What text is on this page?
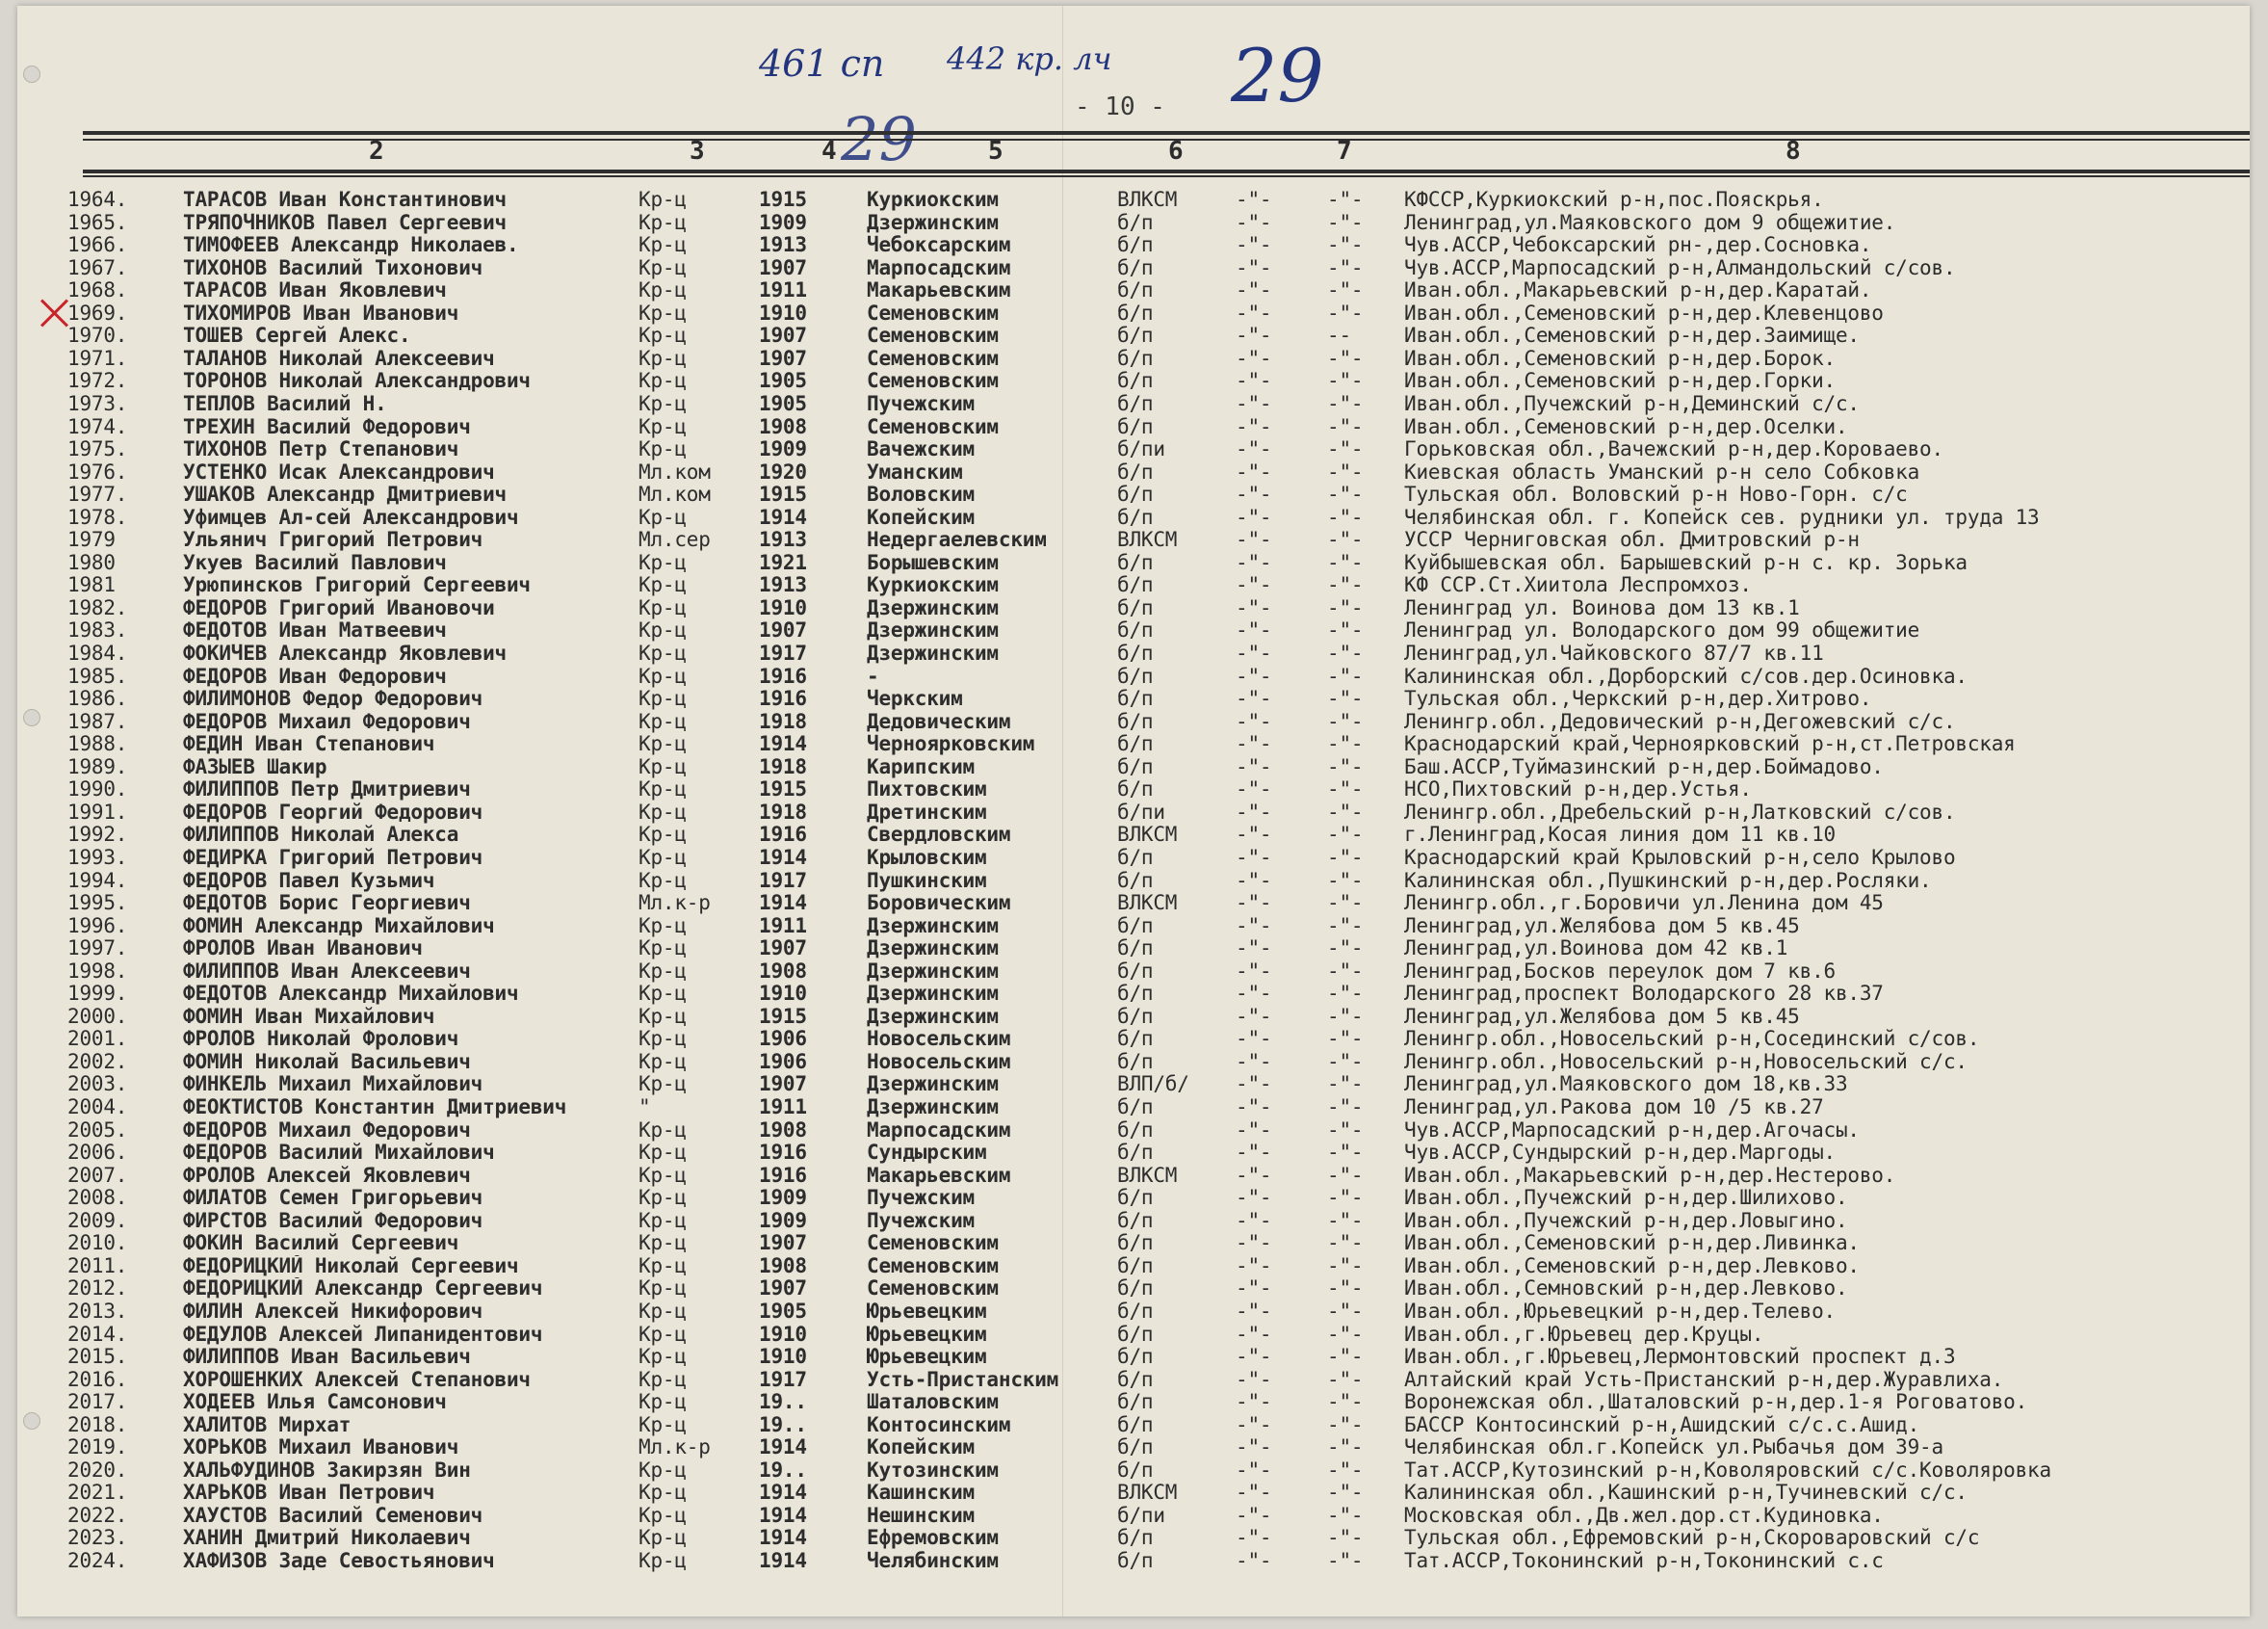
461 сп 442 кр. лч 29
29	- 10 -
2	3	4	5	6	7	8
1964.	ТАРАСОВ Иван Константинович	Кр-ц	1915	Куркиокским	ВЛКСМ	-"-	-"-	КФССР,Куркиокский р-н,пос.Пояскрья.
1965.	ТРЯПОЧНИКОВ Павел Сергеевич	Кр-ц	1909	Дзержинским	б/п	-"-	-"-	Ленинград,ул.Маяковского дом 9 общежитие.
1966.	ТИМОФЕЕВ Александр Николаев.	Кр-ц	1913	Чебоксарским	б/п	-"-	-"-	Чув.АССР,Чебоксарский рн-,дер.Сосновка.
1967.	ТИХОНОВ Василий Тихонович	Кр-ц	1907	Марпосадским	б/п	-"-	-"-	Чув.АССР,Марпосадский р-н,Алмандольский с/сов.
1968.	ТАРАСОВ Иван Яковлевич	Кр-ц	1911	Макарьевским	б/п	-"-	-"-	Иван.обл.,Макарьевский р-н,дер.Каратай.
1969.	ТИХОМИРОВ Иван Иванович	Кр-ц	1910	Семеновским	б/п	-"-	-"-	Иван.обл.,Семеновский р-н,дер.Клевенцово
1970.	ТОШЕВ Сергей Алекс.	Кр-ц	1907	Семеновским	б/п	-"-	--	Иван.обл.,Семеновский р-н,дер.Заимище.
1971.	ТАЛАНОВ Николай Алексеевич	Кр-ц	1907	Семеновским	б/п	-"-	-"-	Иван.обл.,Семеновский р-н,дер.Борок.
1972.	ТОРОНОВ Николай Александрович	Кр-ц	1905	Семеновским	б/п	-"-	-"-	Иван.обл.,Семеновский р-н,дер.Горки.
1973.	ТЕПЛОВ Василий Н.	Кр-ц	1905	Пучежским	б/п	-"-	-"-	Иван.обл.,Пучежский р-н,Деминский с/с.
1974.	ТРЕХИН Василий Федорович	Кр-ц	1908	Семеновским	б/п	-"-	-"-	Иван.обл.,Семеновский р-н,дер.Оселки.
1975.	ТИХОНОВ Петр Степанович	Кр-ц	1909	Вачежским	б/пи	-"-	-"-	Горьковская обл.,Вачежский р-н,дер.Короваево.
1976.	УСТЕНКО Исак Александрович	Мл.ком	1920	Уманским	б/п	-"-	-"-	Киевская область Уманский р-н село Собковка
1977.	УШАКОВ Александр Дмитриевич	Мл.ком	1915	Воловским	б/п	-"-	-"-	Тульская обл. Воловский р-н Ново-Горн. с/с
1978.	Уфимцев Ал-сей Александрович	Кр-ц	1914	Копейским	б/п	-"-	-"-	Челябинская обл. г. Копейск сев. рудники ул. труда 13
1979	Ульянич Григорий Петрович	Мл.сер	1913	Недергаелевским	ВЛКСМ	-"-	-"-	УССР Черниговская обл. Дмитровский р-н
1980	Укуев Василий Павлович	Кр-ц	1921	Борышевским	б/п	-"-	-"-	Куйбышевская обл. Барышевский р-н с. кр. Зорька
1981	Урюпинсков Григорий Сергеевич	Кр-ц	1913	Куркиокским	б/п	-"-	-"-	КФ ССР.Ст.Хиитола Леспромхоз.
1982.	ФЕДОРОВ Григорий Ивановочи	Кр-ц	1910	Дзержинским	б/п	-"-	-"-	Ленинград ул. Воинова дом 13 кв.1
1983.	ФЕДОТОВ Иван Матвеевич	Кр-ц	1907	Дзержинским	б/п	-"-	-"-	Ленинград ул. Володарского дом 99 общежитие
1984.	ФОКИЧЕВ Александр Яковлевич	Кр-ц	1917	Дзержинским	б/п	-"-	-"-	Ленинград,ул.Чайковского 87/7 кв.11
1985.	ФЕДОРОВ Иван Федорович	Кр-ц	1916	-	б/п	-"-	-"-	Калининская обл.,Дорборский с/сов.дер.Осиновка.
1986.	ФИЛИМОНОВ Федор Федорович	Кр-ц	1916	Черкским	б/п	-"-	-"-	Тульская обл.,Черкский р-н,дер.Хитрово.
1987.	ФЕДОРОВ Михаил Федорович	Кр-ц	1918	Дедовическим	б/п	-"-	-"-	Ленингр.обл.,Дедовический р-н,Дегожевский с/с.
1988.	ФЕДИН Иван Степанович	Кр-ц	1914	Черноярковским	б/п	-"-	-"-	Краснодарский край,Черноярковский р-н,ст.Петровская
1989.	ФАЗЫЕВ Шакир	Кр-ц	1918	Карипским	б/п	-"-	-"-	Баш.АССР,Туймазинский р-н,дер.Боймадово.
1990.	ФИЛИППОВ Петр Дмитриевич	Кр-ц	1915	Пихтовским	б/п	-"-	-"-	НСО,Пихтовский р-н,дер.Устья.
1991.	ФЕДОРОВ Георгий Федорович	Кр-ц	1918	Дретинским	б/пи	-"-	-"-	Ленингр.обл.,Дребельский р-н,Латковский с/сов.
1992.	ФИЛИППОВ Николай Алекса	Кр-ц	1916	Свердловским	ВЛКСМ	-"-	-"-	г.Ленинград,Косая линия дом 11 кв.10
1993.	ФЕДИРКА Григорий Петрович	Кр-ц	1914	Крыловским	б/п	-"-	-"-	Краснодарский край Крыловский р-н,село Крылово
1994.	ФЕДОРОВ Павел Кузьмич	Кр-ц	1917	Пушкинским	б/п	-"-	-"-	Калининская обл.,Пушкинский р-н,дер.Росляки.
1995.	ФЕДОТОВ Борис Георгиевич	Мл.к-р	1914	Боровическим	ВЛКСМ	-"-	-"-	Ленингр.обл.,г.Боровичи ул.Ленина дом 45
1996.	ФОМИН Александр Михайлович	Кр-ц	1911	Дзержинским	б/п	-"-	-"-	Ленинград,ул.Желябова дом 5 кв.45
1997.	ФРОЛОВ Иван Иванович	Кр-ц	1907	Дзержинским	б/п	-"-	-"-	Ленинград,ул.Воинова дом 42 кв.1
1998.	ФИЛИППОВ Иван Алексеевич	Кр-ц	1908	Дзержинским	б/п	-"-	-"-	Ленинград,Босков переулок дом 7 кв.6
1999.	ФЕДОТОВ Александр Михайлович	Кр-ц	1910	Дзержинским	б/п	-"-	-"-	Ленинград,проспект Володарского 28 кв.37
2000.	ФОМИН Иван Михайлович	Кр-ц	1915	Дзержинским	б/п	-"-	-"-	Ленинград,ул.Желябова дом 5 кв.45
2001.	ФРОЛОВ Николай Фролович	Кр-ц	1906	Новосельским	б/п	-"-	-"-	Ленингр.обл.,Новосельский р-н,Сосединский с/сов.
2002.	ФОМИН Николай Васильевич	Кр-ц	1906	Новосельским	б/п	-"-	-"-	Ленингр.обл.,Новосельский р-н,Новосельский с/с.
2003.	ФИНКЕЛЬ Михаил Михайлович	Кр-ц	1907	Дзержинским	ВЛП/б/	-"-	-"-	Ленинград,ул.Маяковского дом 18,кв.33
2004.	ФЕОКТИСТОВ Константин Дмитриевич	"	1911	Дзержинским	б/п	-"-	-"-	Ленинград,ул.Ракова дом 10 /5 кв.27
2005.	ФЕДОРОВ Михаил Федорович	Кр-ц	1908	Марпосадским	б/п	-"-	-"-	Чув.АССР,Марпосадский р-н,дер.Агочасы.
2006.	ФЕДОРОВ Василий Михайлович	Кр-ц	1916	Сундырским	б/п	-"-	-"-	Чув.АССР,Сундырский р-н,дер.Маргоды.
2007.	ФРОЛОВ Алексей Яковлевич	Кр-ц	1916	Макарьевским	ВЛКСМ	-"-	-"-	Иван.обл.,Макарьевский р-н,дер.Нестерово.
2008.	ФИЛАТОВ Семен Григорьевич	Кр-ц	1909	Пучежским	б/п	-"-	-"-	Иван.обл.,Пучежский р-н,дер.Шилихово.
2009.	ФИРСТОВ Василий Федорович	Кр-ц	1909	Пучежским	б/п	-"-	-"-	Иван.обл.,Пучежский р-н,дер.Ловыгино.
2010.	ФОКИН Василий Сергеевич	Кр-ц	1907	Семеновским	б/п	-"-	-"-	Иван.обл.,Семеновский р-н,дер.Ливинка.
2011.	ФЕДОРИЦКИЙ Николай Сергеевич	Кр-ц	1908	Семеновским	б/п	-"-	-"-	Иван.обл.,Семеновский р-н,дер.Левково.
2012.	ФЕДОРИЦКИЙ Александр Сергеевич	Кр-ц	1907	Семеновским	б/п	-"-	-"-	Иван.обл.,Семновский р-н,дер.Левково.
2013.	ФИЛИН Алексей Никифорович	Кр-ц	1905	Юрьевецким	б/п	-"-	-"-	Иван.обл.,Юрьевецкий р-н,дер.Телево.
2014.	ФЕДУЛОВ Алексей Липанидентович	Кр-ц	1910	Юрьевецким	б/п	-"-	-"-	Иван.обл.,г.Юрьевец дер.Круцы.
2015.	ФИЛИППОВ Иван Васильевич	Кр-ц	1910	Юрьевецким	б/п	-"-	-"-	Иван.обл.,г.Юрьевец,Лермонтовский проспект д.3
2016.	ХОРОШЕНКИХ Алексей Степанович	Кр-ц	1917	Усть-Пристанским	б/п	-"-	-"-	Алтайский край Усть-Пристанский р-н,дер.Журавлиха.
2017.	ХОДЕЕВ Илья Самсонович	Кр-ц	19..	Шаталовским	б/п	-"-	-"-	Воронежская обл.,Шаталовский р-н,дер.1-я Роговатово.
2018.	ХАЛИТОВ Мирхат	Кр-ц	19..	Контосинским	б/п	-"-	-"-	БАССР Контосинский р-н,Ашидский с/с.с.Ашид.
2019.	ХОРЬКОВ Михаил Иванович	Мл.к-р	1914	Копейским	б/п	-"-	-"-	Челябинская обл.г.Копейск ул.Рыбачья дом 39-а
2020.	ХАЛЬФУДИНОВ Закирзян Вин	Кр-ц	19..	Кутозинским	б/п	-"-	-"-	Тат.АССР,Кутозинский р-н,Коволяровский с/с.Коволяровка
2021.	ХАРЬКОВ Иван Петрович	Кр-ц	1914	Кашинским	ВЛКСМ	-"-	-"-	Калининская обл.,Кашинский р-н,Тучиневский с/с.
2022.	ХАУСТОВ Василий Семенович	Кр-ц	1914	Нешинским	б/пи	-"-	-"-	Московская обл.,Дв.жел.дор.ст.Кудиновка.
2023.	ХАНИН Дмитрий Николаевич	Кр-ц	1914	Ефремовским	б/п	-"-	-"-	Тульская обл.,Ефремовский р-н,Скороваровский с/с
2024.	ХАФИЗОВ Заде Севостьянович	Кр-ц	1914	Челябинским	б/п	-"-	-"-	Тат.АССР,Токонинский р-н,Токонинский с.с
